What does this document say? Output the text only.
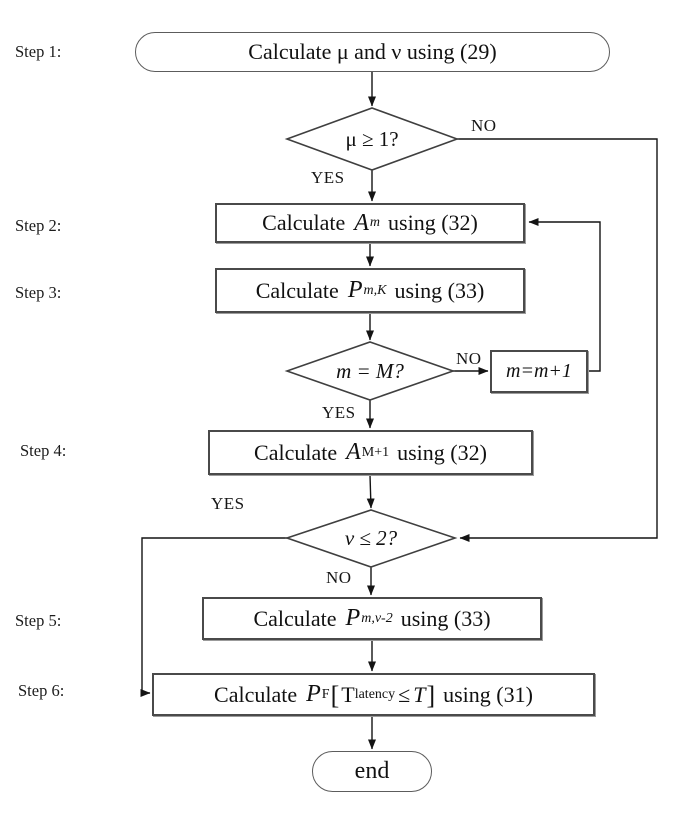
Step 1:
Step 2:
Step 3:
Step 4:
Step 5:
Step 6:
Calculate μ and ν using (29)
μ ≥ 1?
Calculate A m using (32)
Calculate P m,K using (33)
m = M?	m=m+1
Calculate A M+1 using (32)
ν ≤ 2?
Calculate P m,ν-2 using (33)
Calculate P F [ T latency ≤ T ] using (31)
end
NO
YES
NO
YES
YES
NO
